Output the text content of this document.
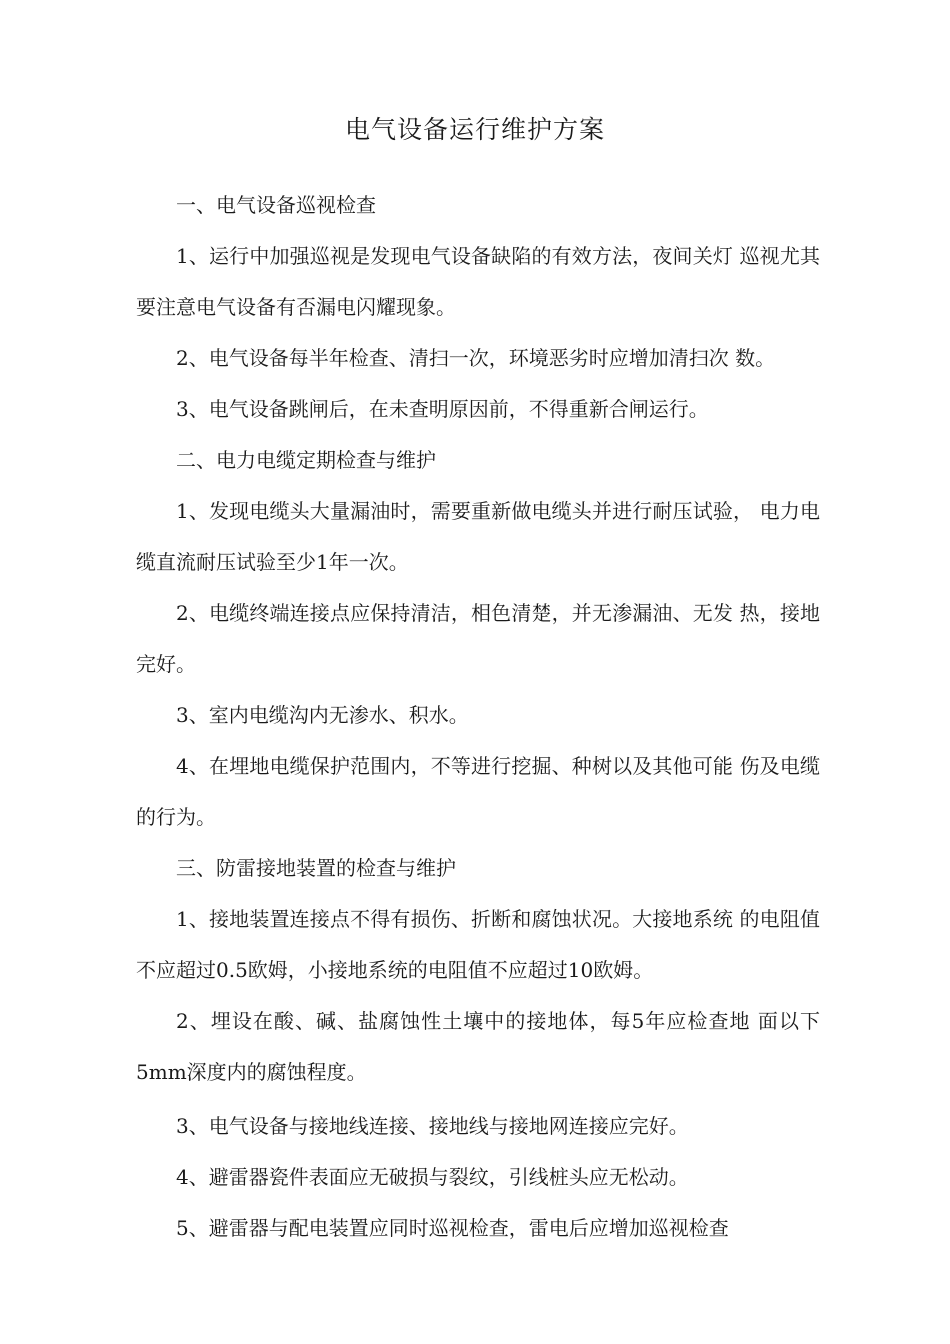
电气设备运行维护方案

一、电气设备巡视检查

1、运行中加强巡视是发现电气设备缺陷的有效方法，夜间关灯 巡视尤其要注意电气设备有否漏电闪耀现象。

2、电气设备每半年检查、清扫一次，环境恶劣时应增加清扫次 数。

3、电气设备跳闸后，在未查明原因前，不得重新合闸运行。

二、电力电缆定期检查与维护

1、发现电缆头大量漏油时，需要重新做电缆头并进行耐压试验， 电力电缆直流耐压试验至少1年一次。

2、电缆终端连接点应保持清洁，相色清楚，并无渗漏油、无发 热，接地完好。

3、室内电缆沟内无渗水、积水。

4、在埋地电缆保护范围内，不等进行挖掘、种树以及其他可能 伤及电缆的行为。

三、防雷接地装置的检查与维护

1、接地装置连接点不得有损伤、折断和腐蚀状况。大接地系统 的电阻值不应超过0.5欧姆，小接地系统的电阻值不应超过10欧姆。

2、埋设在酸、碱、盐腐蚀性土壤中的接地体，每5年应检查地 面以下5mm深度内的腐蚀程度。

3、电气设备与接地线连接、接地线与接地网连接应完好。

4、避雷器瓷件表面应无破损与裂纹，引线桩头应无松动。

5、避雷器与配电装置应同时巡视检查，雷电后应增加巡视检查
